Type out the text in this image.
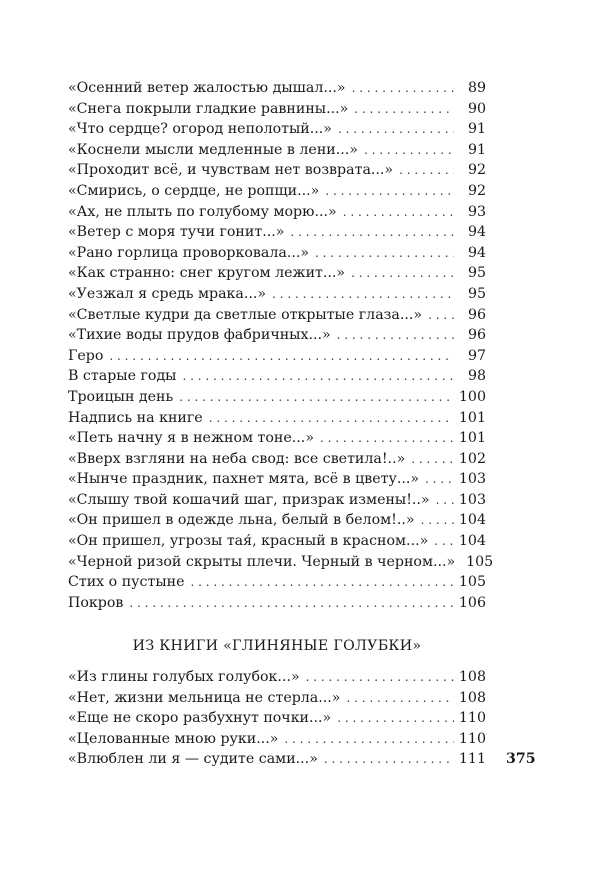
«Осенний ветер жалостью дышал...» . . .	89
«Снега покрыли гладкие равнины...» . . .	90
«Что сердце? огород неполотый...» . . .	91
«Коснели мысли медленные в лени...» . . .	91
«Проходит всё, и чувствам нет возврата...» . . .	92
«Смирись, о сердце, не ропщи...» . . .	92
«Ах, не плыть по голубому морю...» . . .	93
«Ветер с моря тучи гонит...» . . .	94
«Рано горлица проворковала...» . . .	94
«Как странно: снег кругом лежит...» . . .	95
«Уезжал я средь мрака...» . . .	95
«Светлые кудри да светлые открытые глаза...» . . .	96
«Тихие воды прудов фабричных...» . . .	96
Геро . . .	97
В старые годы . . .	98
Троицын день . . .	100
Надпись на книге . . .	101
«Петь начну я в нежном тоне...» . . .	101
«Вверх взгляни на неба свод: все светила!..» . . .	102
«Нынче праздник, пахнет мята, всё в цвету...» . . .	103
«Слышу твой кошачий шаг, призрак измены!..» . . .	103
«Он пришел в одежде льна, белый в белом!..» . . .	104
«Он пришел, угрозы тая́, красный в красном...» . . .	104
«Черной ризой скрыты плечи. Черный в черном...» . . . 105
Стих о пустыне . . .	105
Покров . . .	106
ИЗ КНИГИ «ГЛИНЯНЫЕ ГОЛУБКИ»
«Из глины голубых голубок...» . . .	108
«Нет, жизни мельница не стерла...» . . .	108
«Еще не скоро разбухнут почки...» . . .	110
«Целованные мною руки...» . . .	110
«Влюблен ли я — судите сами...» . . .	111 375
